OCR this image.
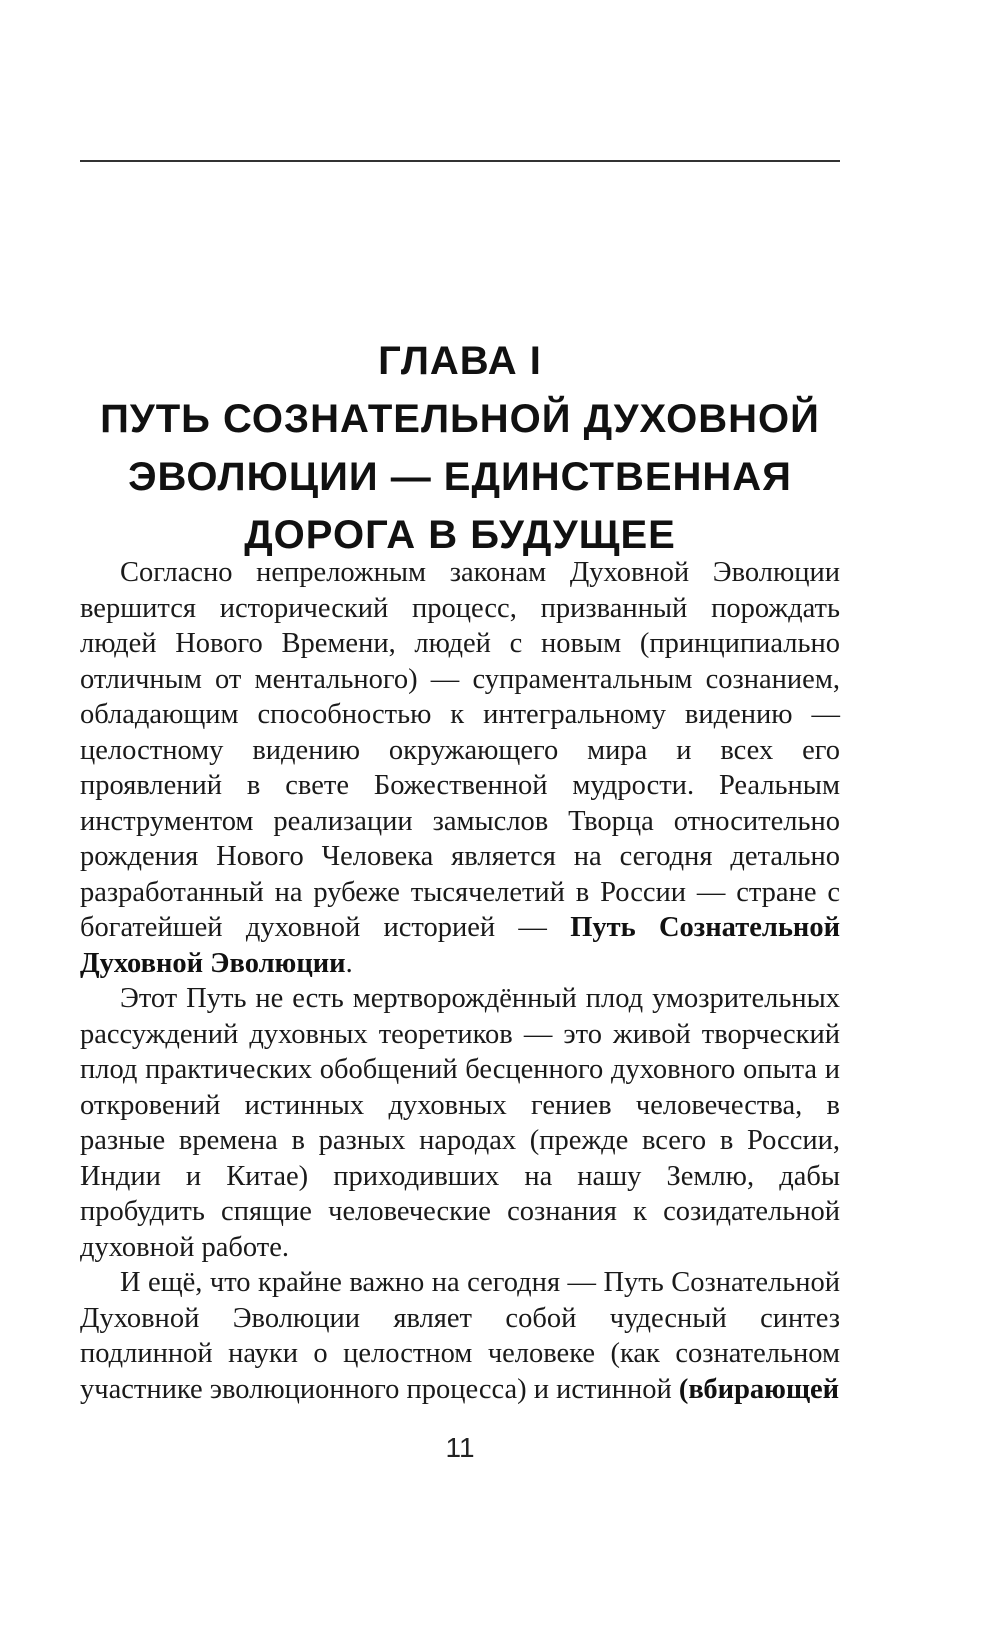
ГЛАВА I
ПУТЬ СОЗНАТЕЛЬНОЙ ДУХОВНОЙ
ЭВОЛЮЦИИ — ЕДИНСТВЕННАЯ
ДОРОГА В БУДУЩЕЕ

Согласно непреложным законам Духовной Эволюции вершится исторический процесс, призванный порождать людей Нового Времени, людей с новым (принципиально отличным от ментального) — супраментальным сознанием, обладающим способностью к интегральному видению — целостному видению окружающего мира и всех его проявлений в свете Божественной мудрости. Реальным инструментом реализации замыслов Творца относительно рождения Нового Человека является на сегодня детально разработанный на рубеже тысячелетий в России — стране с богатейшей духовной историей — Путь Сознательной Духовной Эволюции.

Этот Путь не есть мертворождённый плод умозрительных рассуждений духовных теоретиков — это живой творческий плод практических обобщений бесценного духовного опыта и откровений истинных духовных гениев человечества, в разные времена в разных народах (прежде всего в России, Индии и Китае) приходивших на нашу Землю, дабы пробудить спящие человеческие сознания к созидательной духовной работе.

И ещё, что крайне важно на сегодня — Путь Сознательной Духовной Эволюции являет собой чудесный синтез подлинной науки о целостном человеке (как сознательном участнике эволюционного процесса) и истинной (вбирающей

11
